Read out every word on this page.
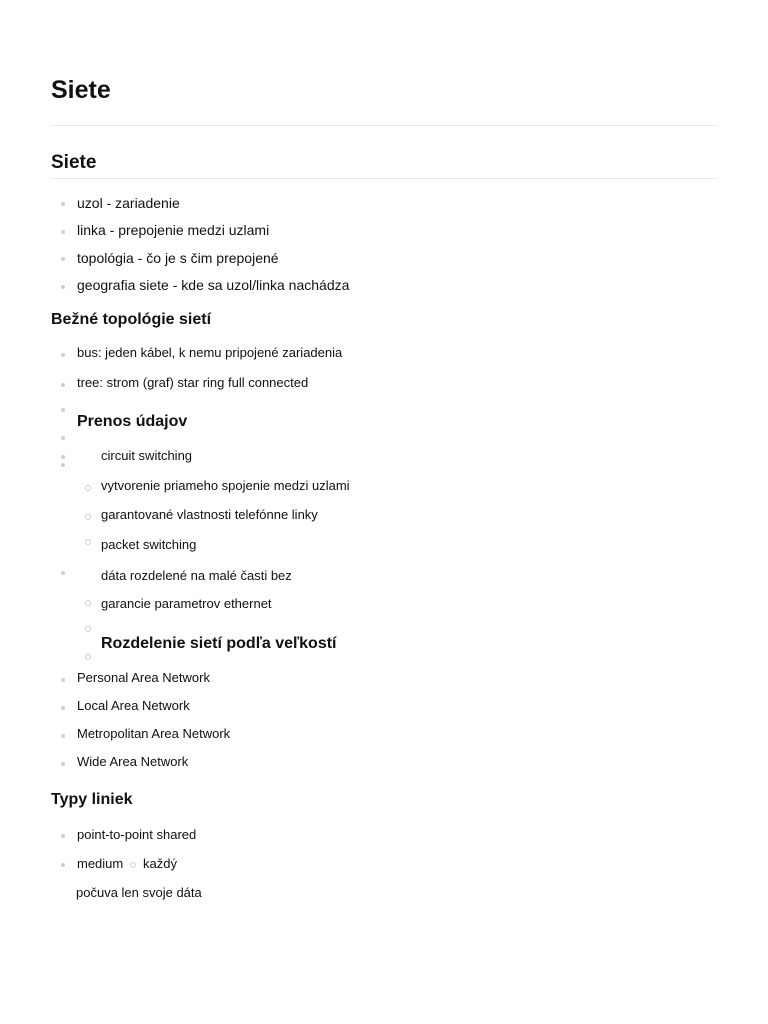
Siete
Siete
uzol - zariadenie
linka - prepojenie medzi uzlami
topológia - čo je s čim prepojené
geografia siete - kde sa uzol/linka nachádza
Bežné topológie sietí
bus: jeden kábel, k nemu pripojené zariadenia
tree: strom (graf) star ring full connected
Prenos údajov
circuit switching
vytvorenie priameho spojenie medzi uzlami
garantované vlastnosti telefónne linky
packet switching
dáta rozdelené na malé časti bez
garancie parametrov ethernet
Rozdelenie sietí podľa veľkostí
Personal Area Network
Local Area Network
Metropolitan Area Network
Wide Area Network
Typy liniek
point-to-point shared
medium každý
počuva len svoje dáta
